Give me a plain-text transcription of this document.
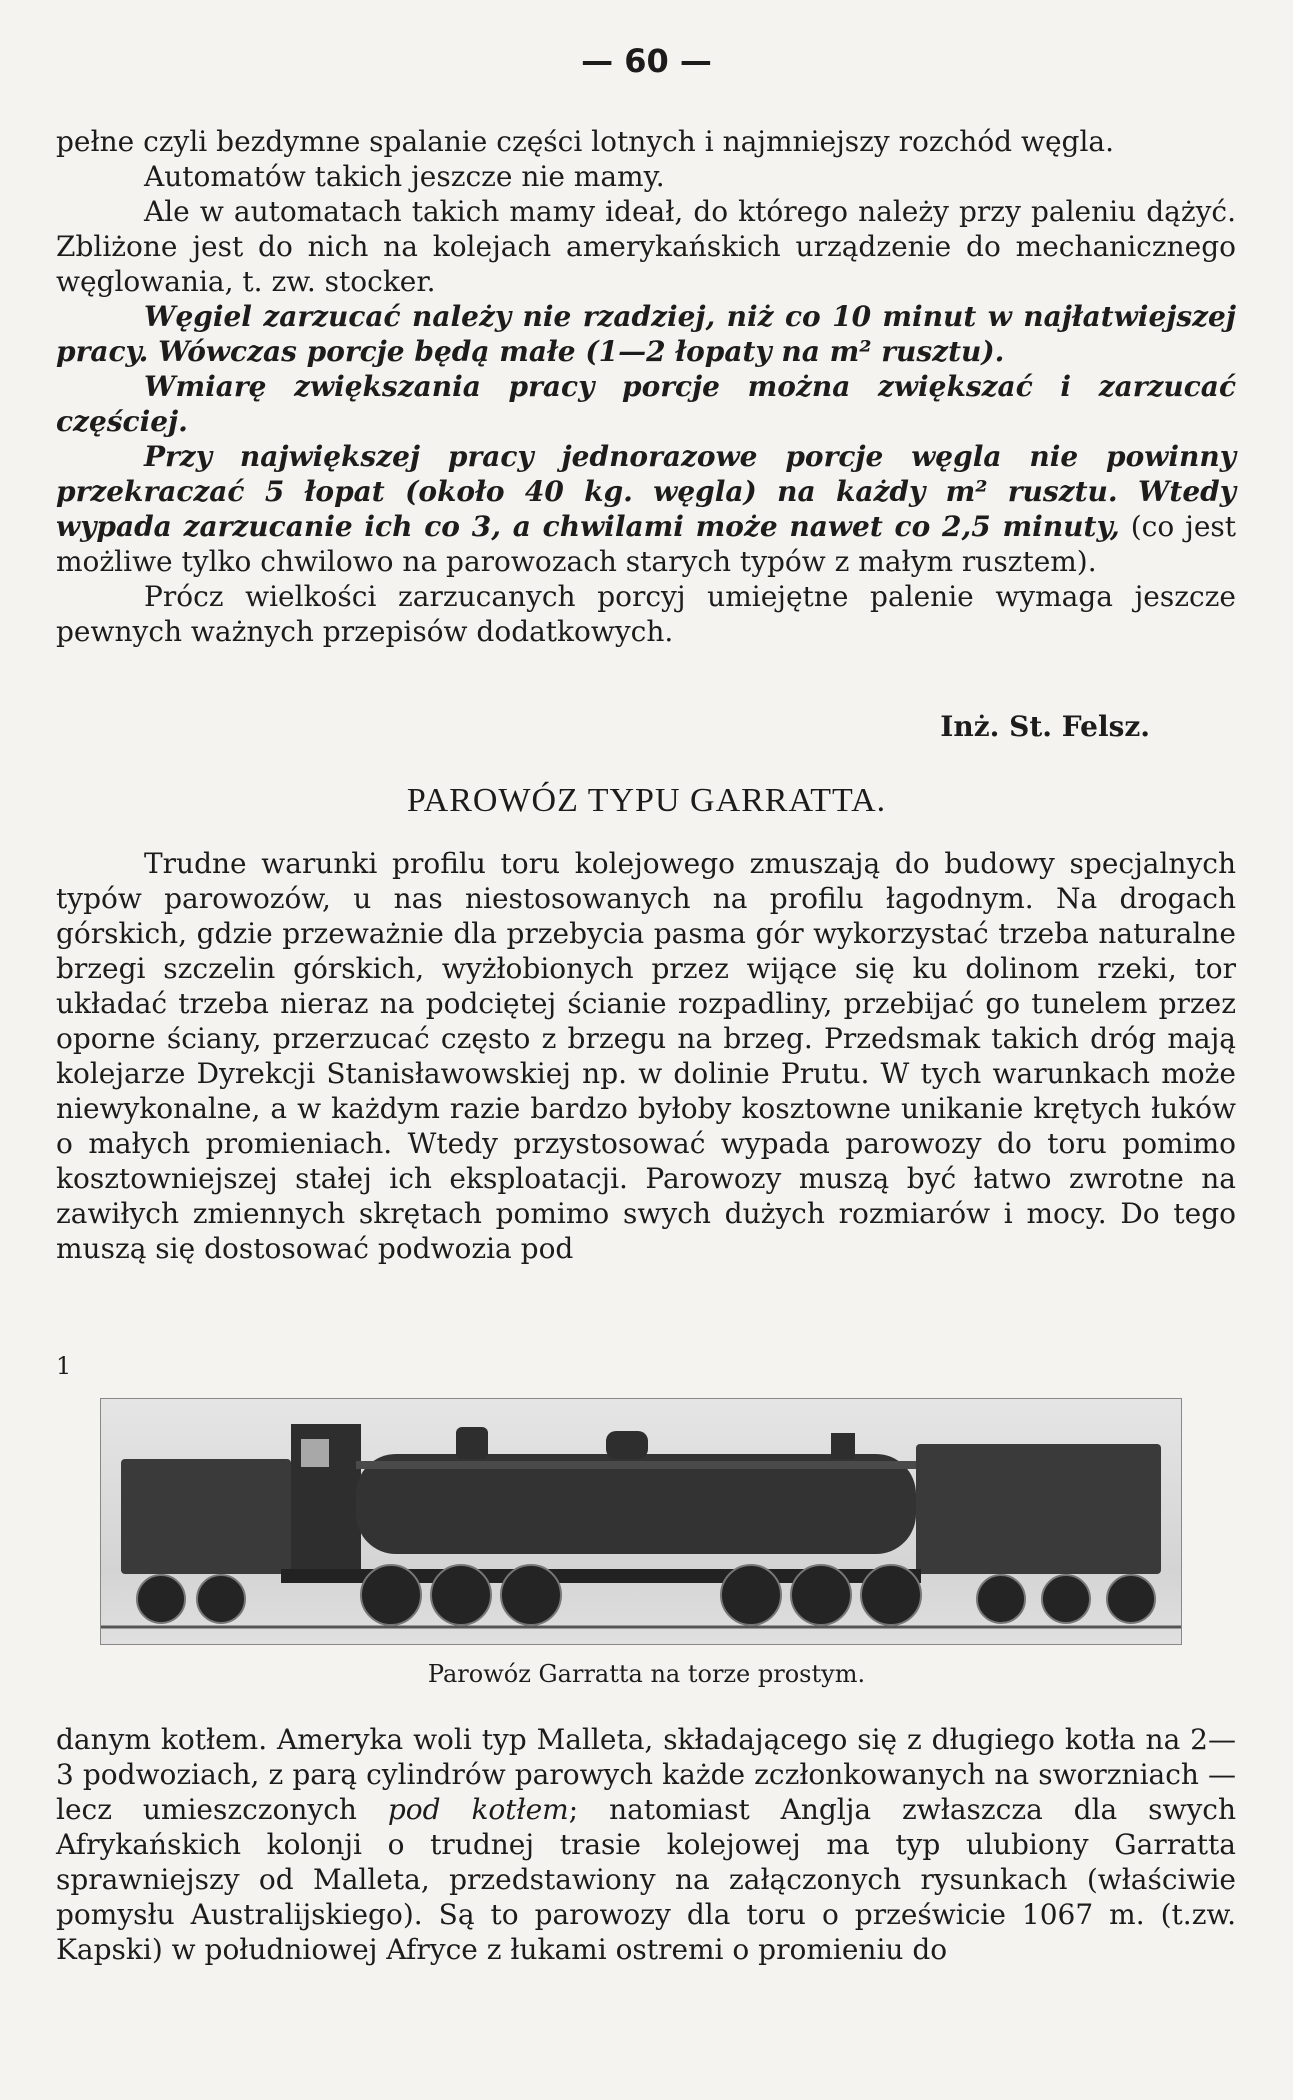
— 60 —

pełne czyli bezdymne spalanie części lotnych i najmniejszy rozchód węgla.

Automatów takich jeszcze nie mamy.

Ale w automatach takich mamy ideał, do którego należy przy paleniu dążyć. Zbliżone jest do nich na kolejach amerykańskich urządzenie do mechanicznego węglowania, t. zw. stocker.

Węgiel zarzucać należy nie rzadziej, niż co 10 minut w najłatwiejszej pracy. Wówczas porcje będą małe (1—2 łopaty na m² rusztu).

Wmiarę zwiększania pracy porcje można zwiększać i zarzucać częściej.

Przy największej pracy jednorazowe porcje węgla nie powinny przekraczać 5 łopat (około 40 kg. węgla) na każdy m² rusztu. Wtedy wypada zarzucanie ich co 3, a chwilami może nawet co 2,5 minuty, (co jest możliwe tylko chwilowo na parowozach starych typów z małym rusztem).

Prócz wielkości zarzucanych porcyj umiejętne palenie wymaga jeszcze pewnych ważnych przepisów dodatkowych.

Inż. St. Felsz.
PAROWÓZ TYPU GARRATTA.

Trudne warunki profilu toru kolejowego zmuszają do budowy specjalnych typów parowozów, u nas niestosowanych na profilu łagodnym. Na drogach górskich, gdzie przeważnie dla przebycia pasma gór wykorzystać trzeba naturalne brzegi szczelin górskich, wyżłobionych przez wijące się ku dolinom rzeki, tor układać trzeba nieraz na podciętej ścianie rozpadliny, przebijać go tunelem przez oporne ściany, przerzucać często z brzegu na brzeg. Przedsmak takich dróg mają kolejarze Dyrekcji Stanisławowskiej np. w dolinie Prutu. W tych warunkach może niewykonalne, a w każdym razie bardzo byłoby kosztowne unikanie krętych łuków o małych promieniach. Wtedy przystosować wypada parowozy do toru pomimo kosztowniejszej stałej ich eksploatacji. Parowozy muszą być łatwo zwrotne na zawiłych zmiennych skrętach pomimo swych dużych rozmiarów i mocy. Do tego muszą się dostosować podwozia pod

1
Parowóz Garratta na torze prostym.

danym kotłem. Ameryka woli typ Malleta, składającego się z długiego kotła na 2—3 podwoziach, z parą cylindrów parowych każde zczłonkowanych na sworzniach — lecz umieszczonych pod kotłem; natomiast Anglja zwłaszcza dla swych Afrykańskich kolonji o trudnej trasie kolejowej ma typ ulubiony Garratta sprawniejszy od Malleta, przedstawiony na załączonych rysunkach (właściwie pomysłu Australijskiego). Są to parowozy dla toru o prześwicie 1067 m. (t.zw. Kapski) w południowej Afryce z łukami ostremi o promieniu do
